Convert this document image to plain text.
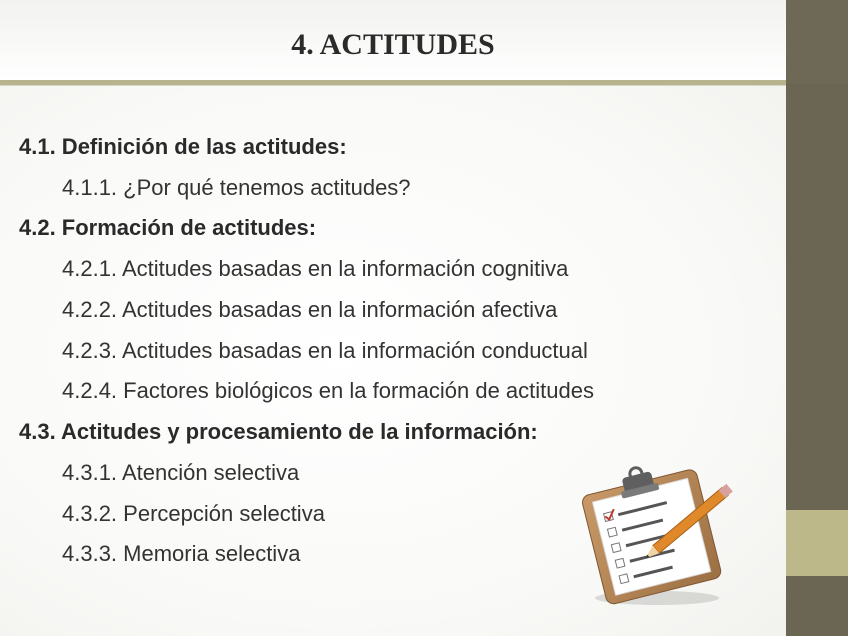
4. ACTITUDES
4.1. Definición de las actitudes:
4.1.1. ¿Por qué tenemos actitudes?
4.2. Formación de actitudes:
4.2.1. Actitudes basadas en la información cognitiva
4.2.2. Actitudes basadas en la información afectiva
4.2.3. Actitudes basadas en la información conductual
4.2.4. Factores biológicos en la formación de actitudes
4.3. Actitudes y procesamiento de la información:
4.3.1. Atención selectiva
4.3.2. Percepción selectiva
4.3.3. Memoria selectiva
